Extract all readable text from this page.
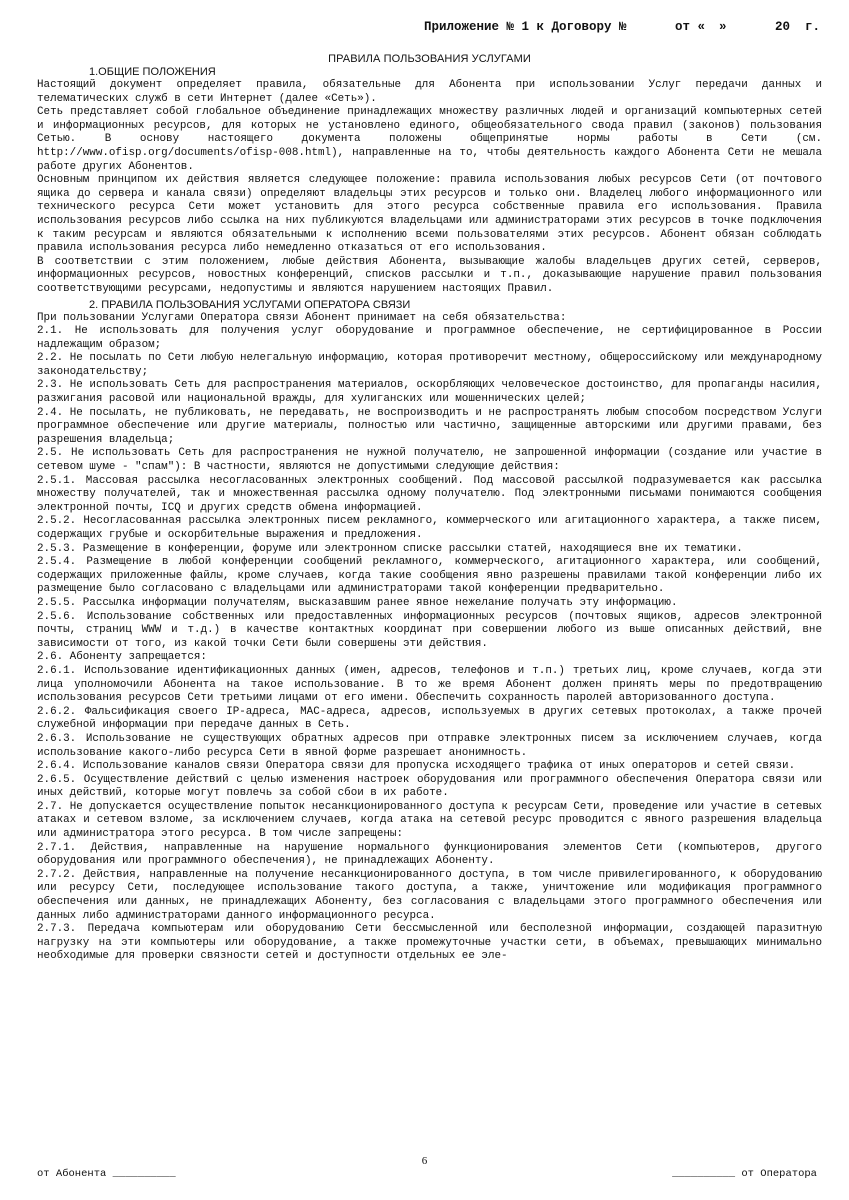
Приложение № 1 к Договору №

	от «

»

	20  г.

ПРАВИЛА ПОЛЬЗОВАНИЯ УСЛУГАМИ
1.ОБЩИЕ ПОЛОЖЕНИЯ

Настоящий документ определяет правила, обязательные для Абонента при использовании Услуг передачи данных и телематических служб в сети Интернет (далее «Сеть»).

Сеть представляет собой глобальное объединение принадлежащих множеству различных людей и организаций компьютерных сетей и информационных ресурсов, для которых не установлено единого, общеобязательного свода правил (законов) пользования Сетью. В основу настоящего документа положены общепринятые нормы работы в Сети (см. http://www.ofisp.org/documents/ofisp-008.html), направленные на то, чтобы деятельность каждого Абонента Сети не мешала работе других Абонентов.

Основным принципом их действия является следующее положение: правила использования любых ресурсов Сети (от почтового ящика до сервера и канала связи) определяют владельцы этих ресурсов и только они. Владелец любого информационного или технического ресурса Сети может установить для этого ресурса собственные правила его использования. Правила использования ресурсов либо ссылка на них публикуются владельцами или администраторами этих ресурсов в точке подключения к таким ресурсам и являются обязательными к исполнению всеми пользователями этих ресурсов. Абонент обязан соблюдать правила использования ресурса либо немедленно отказаться от его использования.

В соответствии с этим положением, любые действия Абонента, вызывающие жалобы владельцев других сетей, серверов, информационных ресурсов, новостных конференций, списков рассылки и т.п., доказывающие нарушение правил пользования соответствующими ресурсами, недопустимы и являются нарушением настоящих Правил.

2. ПРАВИЛА ПОЛЬЗОВАНИЯ УСЛУГАМИ ОПЕРАТОРА СВЯЗИ

При пользовании Услугами Оператора связи Абонент принимает на себя обязательства:

2.1. Не использовать для получения услуг оборудование и программное обеспечение, не сертифицированное в России надлежащим образом;

2.2. Не посылать по Сети любую нелегальную информацию, которая противоречит местному, общероссийскому или международному законодательству;

2.3. Не использовать Сеть для распространения материалов, оскорбляющих человеческое достоинство, для пропаганды насилия, разжигания расовой или национальной вражды, для хулиганских или мошеннических целей;

2.4. Не посылать, не публиковать, не передавать, не воспроизводить и не распространять любым способом посредством Услуги программное обеспечение или другие материалы, полностью или частично, защищенные авторскими или другими правами, без разрешения владельца;

2.5. Не использовать Сеть для распространения не нужной получателю, не запрошенной информации (создание или участие в сетевом шуме - "спам"): В частности, являются не допустимыми следующие действия:

2.5.1. Массовая рассылка несогласованных электронных сообщений. Под массовой рассылкой подразумевается как рассылка множеству получателей, так и множественная рассылка одному получателю. Под электронными письмами понимаются сообщения электронной почты, ICQ и других средств обмена информацией.

2.5.2. Несогласованная рассылка электронных писем рекламного, коммерческого или агитационного характера, а также писем, содержащих грубые и оскорбительные выражения и предложения.

2.5.3. Размещение в конференции, форуме или электронном списке рассылки статей, находящиеся вне их тематики.

2.5.4. Размещение в любой конференции сообщений рекламного, коммерческого, агитационного характера, или сообщений, содержащих приложенные файлы, кроме случаев, когда такие сообщения явно разрешены правилами такой конференции либо их размещение было согласовано с владельцами или администраторами такой конференции предварительно.

2.5.5. Рассылка информации получателям, высказавшим ранее явное нежелание получать эту информацию.

2.5.6. Использование собственных или предоставленных информационных ресурсов (почтовых ящиков, адресов электронной почты, страниц WWW и т.д.) в качестве контактных координат при совершении любого из выше описанных действий, вне зависимости от того, из какой точки Сети были совершены эти действия.

2.6. Абоненту запрещается:

2.6.1. Использование идентификационных данных (имен, адресов, телефонов и т.п.) третьих лиц, кроме случаев, когда эти лица уполномочили Абонента на такое использование. В то же время Абонент должен принять меры по предотвращению использования ресурсов Сети третьими лицами от его имени. Обеспечить сохранность паролей авторизованного доступа.

2.6.2. Фальсификация своего IP-адреса, MAC-адреса, адресов, используемых в других сетевых протоколах, а также прочей служебной информации при передаче данных в Сеть.

2.6.3. Использование не существующих обратных адресов при отправке электронных писем за исключением случаев, когда использование какого-либо ресурса Сети в явной форме разрешает анонимность.

2.6.4. Использование каналов связи Оператора связи для пропуска исходящего трафика от иных операторов и сетей связи.

2.6.5. Осуществление действий с целью изменения настроек оборудования или программного обеспечения Оператора связи или иных действий, которые могут повлечь за собой сбои в их работе.

2.7. Не допускается осуществление попыток несанкционированного доступа к ресурсам Сети, проведение или участие в сетевых атаках и сетевом взломе, за исключением случаев, когда атака на сетевой ресурс проводится с явного разрешения владельца или администратора этого ресурса. В том числе запрещены:

2.7.1. Действия, направленные на нарушение нормального функционирования элементов Сети (компьютеров, другого оборудования или программного обеспечения), не принадлежащих Абоненту.

2.7.2. Действия, направленные на получение несанкционированного доступа, в том числе привилегированного, к оборудованию или ресурсу Сети, последующее использование такого доступа, а также, уничтожение или модификация программного обеспечения или данных, не принадлежащих Абоненту, без согласования с владельцами этого программного обеспечения или данных либо администраторами данного информационного ресурса.

2.7.3. Передача компьютерам или оборудованию Сети бессмысленной или бесполезной информации, создающей паразитную нагрузку на эти компьютеры или оборудование, а также промежуточные участки сети, в объемах, превышающих минимально необходимые для проверки связности сетей и доступности отдельных ее эле-

6
от Абонента __________	__________ от Оператора
